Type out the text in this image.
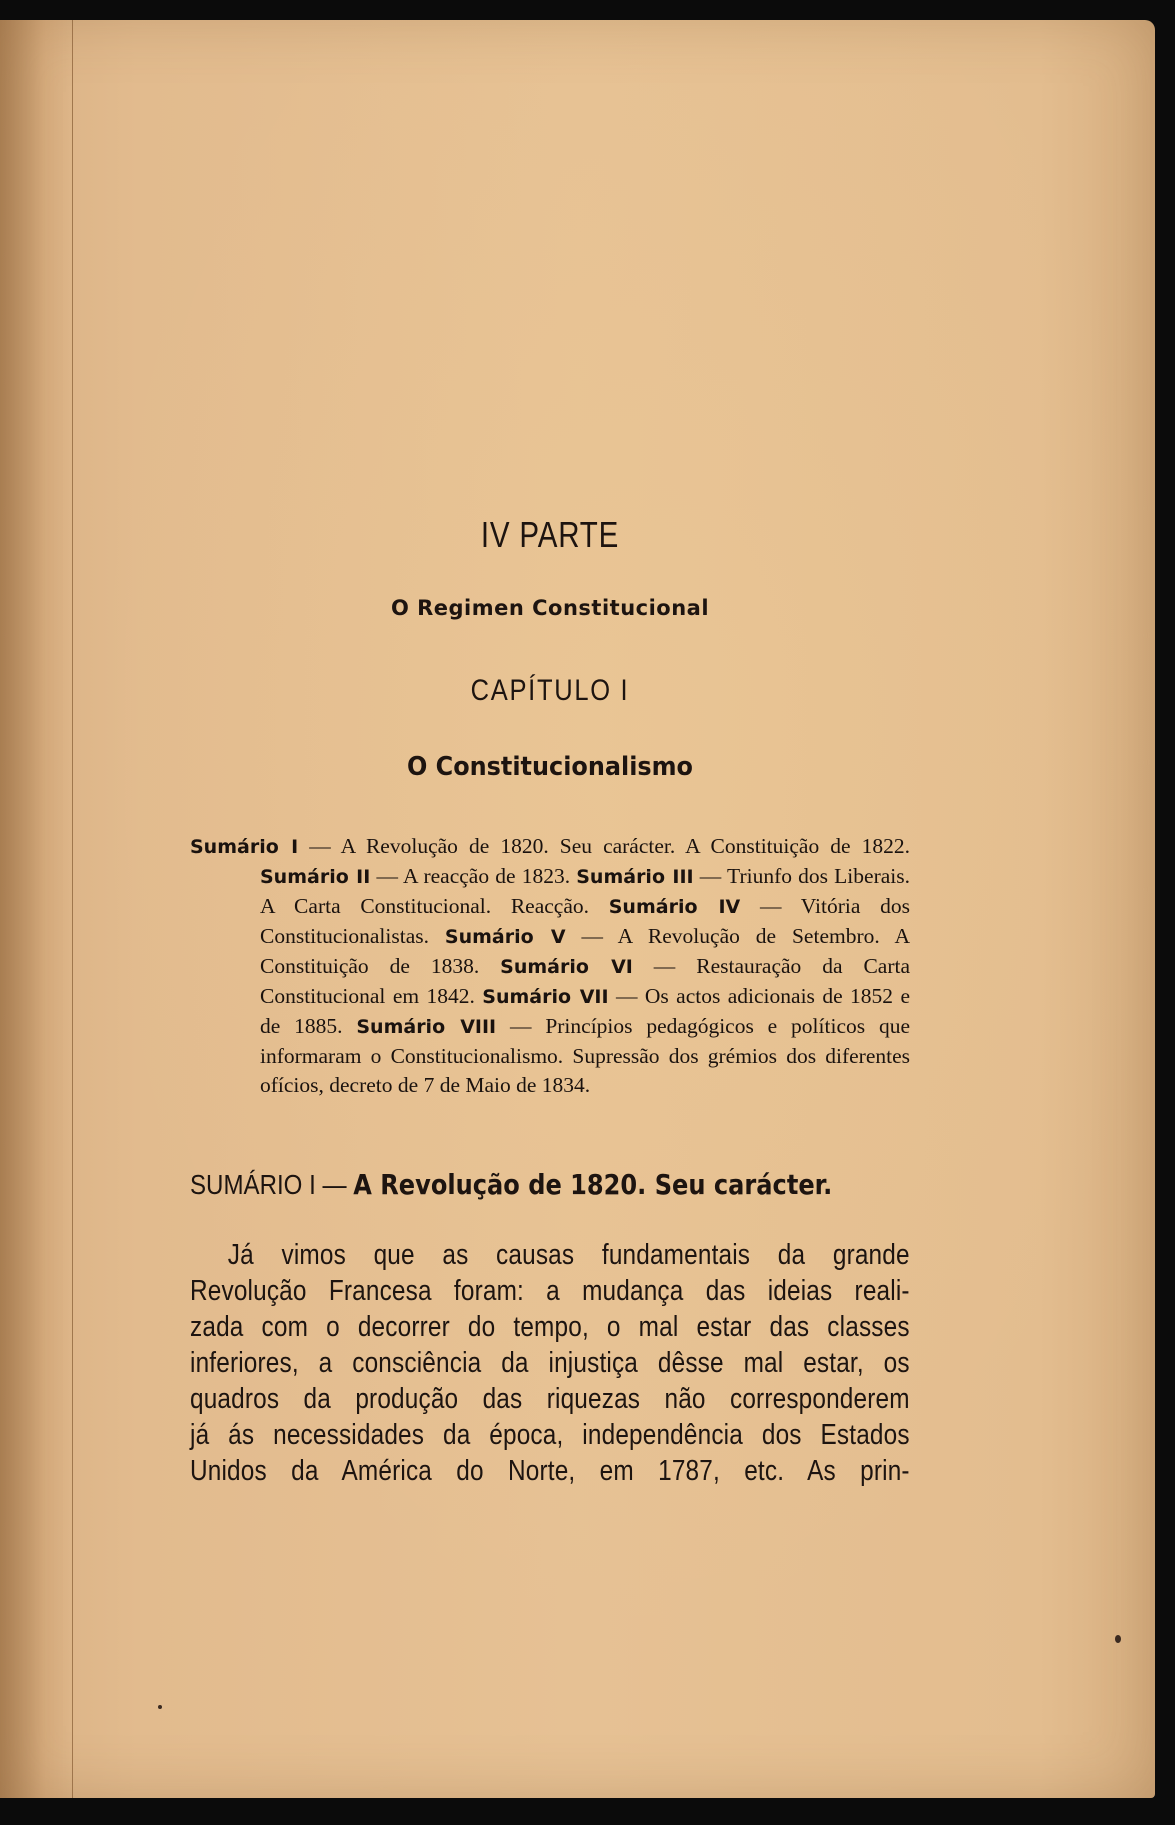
IV PARTE
O Regimen Constitucional
CAPÍTULO I
O Constitucionalismo
Sumário I — A Revolução de 1820. Seu carácter. A Constituição de 1822. Sumário II — A reacção de 1823. Sumário III — Triunfo dos Liberais. A Carta Constitucional. Reacção. Sumário IV — Vitória dos Constitucionalistas. Sumário V — A Revolução de Setembro. A Constituição de 1838. Sumário VI — Restauração da Carta Constitucional em 1842. Sumário VII — Os actos adicionais de 1852 e de 1885. Sumário VIII — Princípios pedagógicos e políticos que informaram o Constitucionalismo. Supressão dos grémios dos diferentes ofícios, decreto de 7 de Maio de 1834.
SUMÁRIO I — A Revolução de 1820. Seu carácter.
Já vimos que as causas fundamentais da grande
Revolução Francesa foram: a mudança das ideias reali-
zada com o decorrer do tempo, o mal estar das classes
inferiores, a consciência da injustiça dêsse mal estar, os
quadros da produção das riquezas não corresponderem
já ás necessidades da época, independência dos Estados
Unidos da América do Norte, em 1787, etc. As prin-
